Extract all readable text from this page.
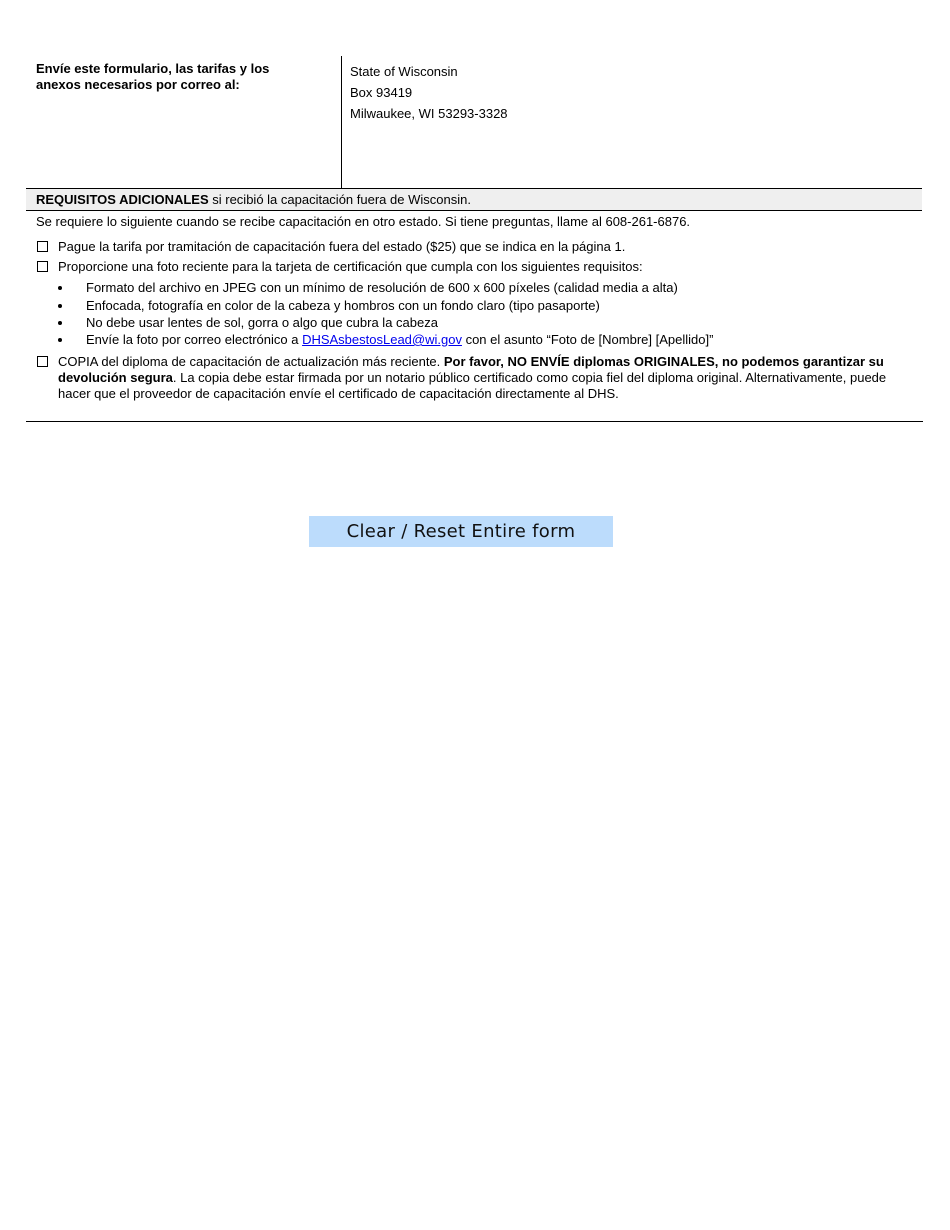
Envíe este formulario, las tarifas y los anexos necesarios por correo al:
State of Wisconsin
Box 93419
Milwaukee, WI 53293-3328
REQUISITOS ADICIONALES si recibió la capacitación fuera de Wisconsin.
Se requiere lo siguiente cuando se recibe capacitación en otro estado. Si tiene preguntas, llame al 608-261-6876.
Pague la tarifa por tramitación de capacitación fuera del estado ($25) que se indica en la página 1.
Proporcione una foto reciente para la tarjeta de certificación que cumpla con los siguientes requisitos:
Formato del archivo en JPEG con un mínimo de resolución de 600 x 600 píxeles (calidad media a alta)
Enfocada, fotografía en color de la cabeza y hombros con un fondo claro (tipo pasaporte)
No debe usar lentes de sol, gorra o algo que cubra la cabeza
Envíe la foto por correo electrónico a DHSAsbestosLead@wi.gov con el asunto “Foto de [Nombre] [Apellido]”
COPIA del diploma de capacitación de actualización más reciente. Por favor, NO ENVÍE diplomas ORIGINALES, no podemos garantizar su devolución segura. La copia debe estar firmada por un notario público certificado como copia fiel del diploma original. Alternativamente, puede hacer que el proveedor de capacitación envíe el certificado de capacitación directamente al DHS.
Clear / Reset Entire form
